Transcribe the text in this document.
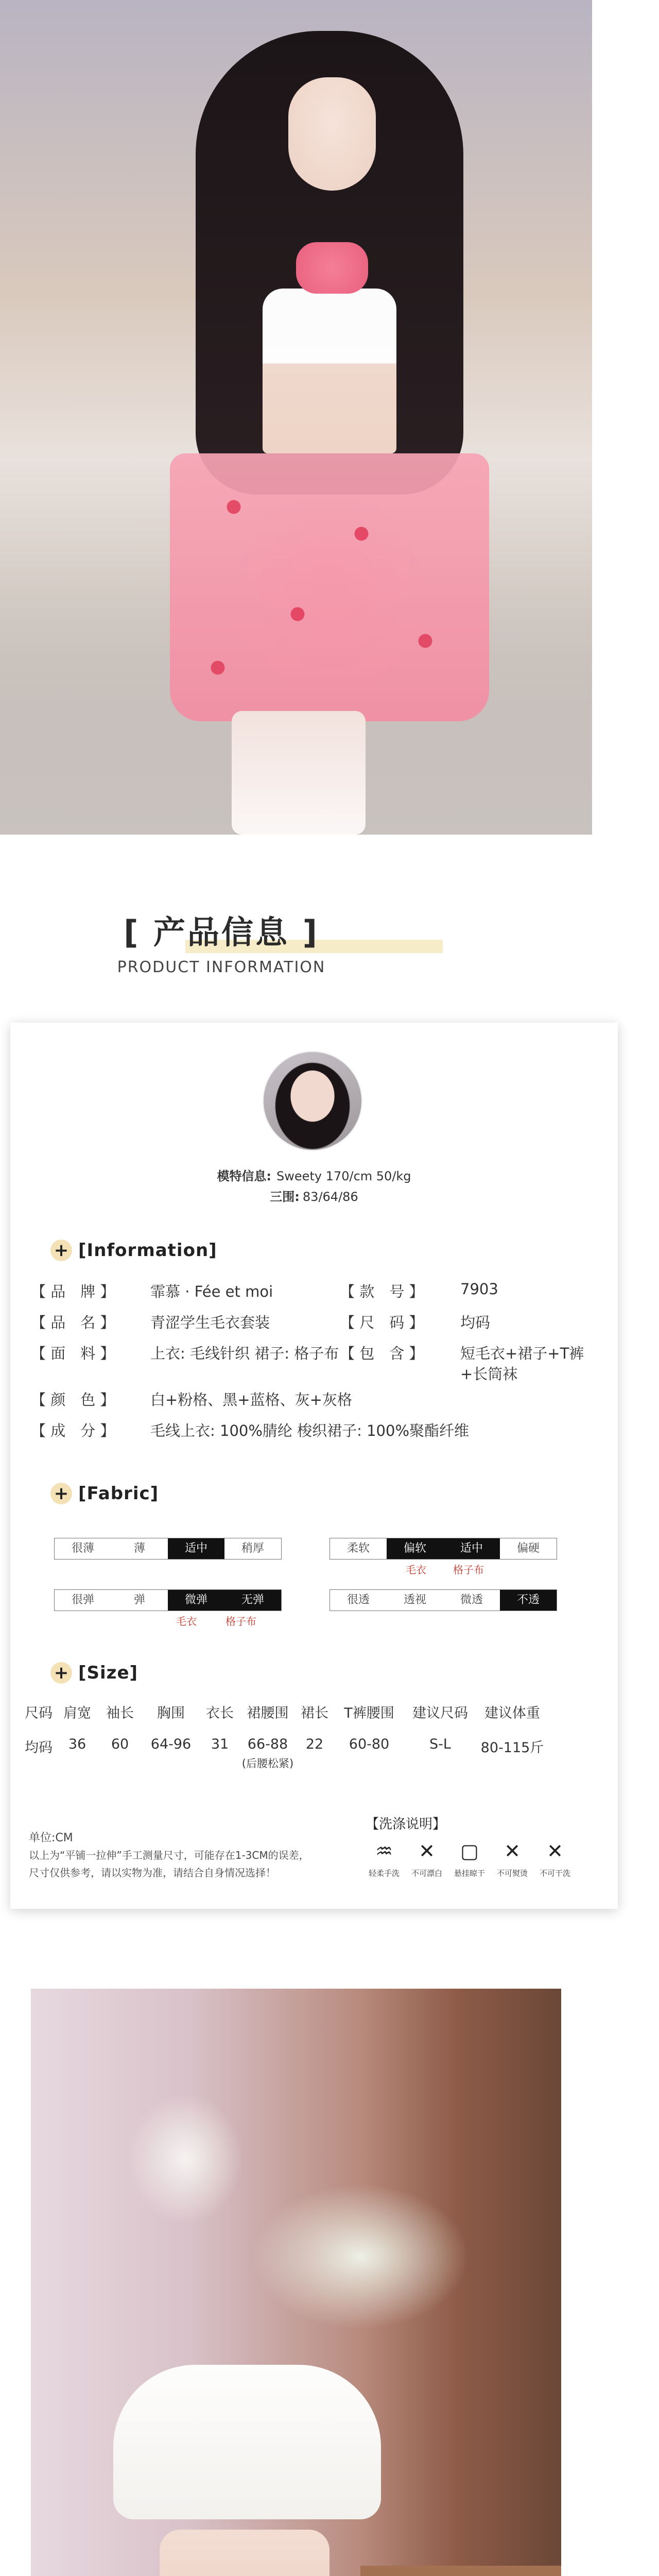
[ 产品信息 ]
PRODUCT INFORMATION
模特信息: Sweety 170/cm 50/kg
三围: 83/64/86
+ [Information]
【 品　牌 】 霏慕 · Fée et moi	【 款　号 】 7903
【 品　名 】 青涩学生毛衣套装	【 尺　码 】 均码
【 面　料 】 上衣: 毛线针织 裙子: 格子布 【 包　含 】 短毛衣+裙子+T裤
+长筒袜
【 颜　色 】 白+粉格、黑+蓝格、灰+灰格
【 成　分 】 毛线上衣: 100%腈纶 梭织裙子: 100%聚酯纤维
+ [Fabric]
很薄	薄	适中	稍厚	柔软	偏软	适中	偏硬
毛衣	格子布
很弹	弹	微弹	无弹
毛衣	格子布
很透	透视	微透	不透
+ [Size]
尺码 肩宽 袖长	胸围	衣长 裙腰围 裙长	T裤腰围	建议尺码	建议体重
均码	36	60	64-96	31	66-88	22	60-80	S-L	80-115斤
(后腰松紧)
单位:CM
以上为“平铺一拉伸”手工测量尺寸，可能存在1-3CM的误差，
尺寸仅供参考，请以实物为准，请结合自身情况选择！
【洗涤说明】
♒ ✕ ▢ ✕ ✕
轻柔手洗	不可漂白	悬挂晾干	不可熨烫	不可干洗
